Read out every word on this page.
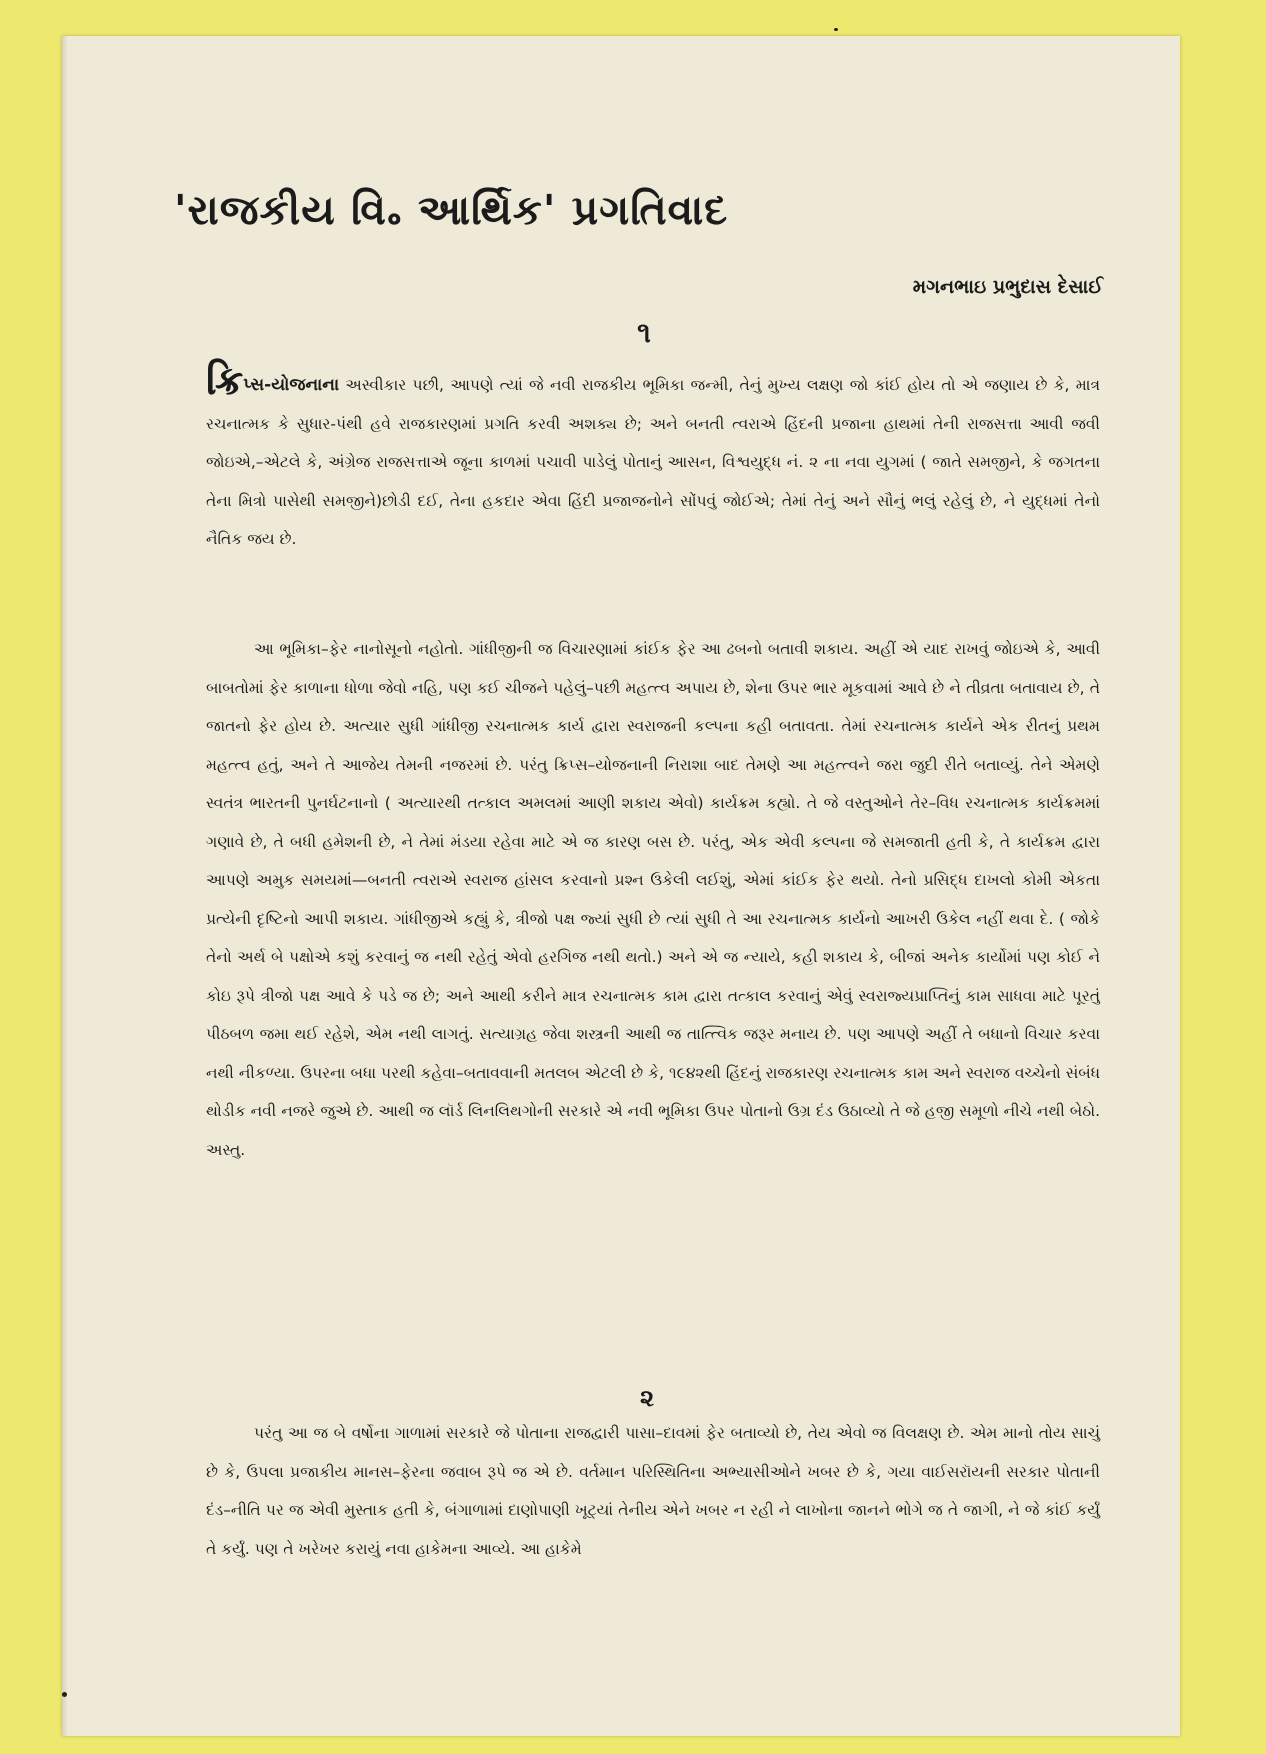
'રાજકીય વિ૰ આર્થિક' પ્રગતિવાદ
મગનભાઇ પ્રભુદાસ દેસાઈ
૧

ક્રિપ્સ-યોજનાના અસ્વીકાર પછી, આપણે ત્યાં જે નવી રાજકીય ભૂમિકા જન્મી, તેનું મુખ્ય લક્ષણ જો કાંઈ હોય તો એ જણાય છે કે, માત્ર રચનાત્મક કે સુધાર-પંથી હવે રાજકારણમાં પ્રગતિ કરવી અશક્ય છે; અને બનતી ત્વરાએ હિંદની પ્રજાના હાથમાં તેની રાજસત્તા આવી જવી જોઇએ,–એટલે કે, અંગ્રેજ રાજસત્તાએ જૂના કાળમાં પચાવી પાડેલું પોતાનું આસન, વિશ્વયુદ્ધ નં. ૨ ના નવા યુગમાં ( જાતે સમજીને, કે જગતના તેના મિત્રો પાસેથી સમજીને)છોડી દઈ, તેના હકદાર એવા હિંદી પ્રજાજનોને સોંપવું જોઈએ; તેમાં તેનું અને સૌનું ભલું રહેલું છે, ને યુદ્ધમાં તેનો નૈતિક જય છે.

આ ભૂમિકા–ફેર નાનોસૂનો નહોતો. ગાંધીજીની જ વિચારણામાં કાંઈક ફેર આ ઢબનો બતાવી શકાય. અહીં એ યાદ રાખવું જોઇએ કે, આવી બાબતોમાં ફેર કાળાના ધોળા જેવો નહિ, પણ કઈ ચીજને પહેલું–પછી મહત્ત્વ અપાય છે, શેના ઉપર ભાર મૂકવામાં આવે છે ને તીવ્રતા બતાવાય છે, તે જાતનો ફેર હોય છે. અત્યાર સુધી ગાંધીજી રચનાત્મક કાર્ય દ્વારા સ્વરાજની કલ્પના કહી બતાવતા. તેમાં રચનાત્મક કાર્યને એક રીતનું પ્રથમ મહત્ત્વ હતું, અને તે આજેય તેમની નજરમાં છે. પરંતુ ક્રિપ્સ–યોજનાની નિરાશા બાદ તેમણે આ મહત્ત્વને જરા જુદી રીતે બતાવ્યું. તેને એમણે સ્વતંત્ર ભારતની પુનર્ઘટનાનો ( અત્યારથી તત્કાલ અમલમાં આણી શકાય એવો) કાર્યક્રમ કહ્યો. તે જે વસ્તુઓને તેર–વિધ રચનાત્મક કાર્યક્રમમાં ગણાવે છે, તે બધી હમેશની છે, ને તેમાં મંડયા રહેવા માટે એ જ કારણ બસ છે. પરંતુ, એક એવી કલ્પના જે સમજાતી હતી કે, તે કાર્યક્રમ દ્વારા આપણે અમુક સમયમાં—બનતી ત્વરાએ સ્વરાજ હાંસલ કરવાનો પ્રશ્ન ઉકેલી લઈશું, એમાં કાંઈક ફેર થયો. તેનો પ્રસિદ્ધ દાખલો કોમી એકતા પ્રત્યેની દૃષ્ટિનો આપી શકાય. ગાંધીજીએ કહ્યું કે, ત્રીજો પક્ષ જ્યાં સુધી છે ત્યાં સુધી તે આ રચનાત્મક કાર્યનો આખરી ઉકેલ નહીં થવા દે. ( જોકે તેનો અર્થ બે પક્ષોએ કશું કરવાનું જ નથી રહેતું એવો હરગિજ નથી થતો.) અને એ જ ન્યાયે, કહી શકાય કે, બીજાં અનેક કાર્યોમાં પણ કોઈ ને કોઇ રૂપે ત્રીજો પક્ષ આવે કે પડે જ છે; અને આથી કરીને માત્ર રચનાત્મક કામ દ્વારા તત્કાલ કરવાનું એવું સ્વરાજ્યપ્રાપ્તિનું કામ સાધવા માટે પૂરતું પીઠબળ જમા થઈ રહેશે, એમ નથી લાગતું. સત્યાગ્રહ જેવા શસ્ત્રની આથી જ તાત્ત્વિક જરૂર મનાય છે. પણ આપણે અહીં તે બધાનો વિચાર કરવા નથી નીકળ્યા. ઉપરના બધા પરથી કહેવા–બતાવવાની મતલબ એટલી છે કે, ૧૯૪૨થી હિંદનું રાજકારણ રચનાત્મક કામ અને સ્વરાજ વચ્ચેનો સંબંધ થોડીક નવી નજરે જુએ છે. આથી જ લૉર્ડ લિનલિથગોની સરકારે એ નવી ભૂમિકા ઉપર પોતાનો ઉગ્ર દંડ ઉઠાવ્યો તે જે હજી સમૂળો નીચે નથી બેઠો. અસ્તુ.

૨

પરંતુ આ જ બે વર્ષોના ગાળામાં સરકારે જે પોતાના રાજદ્વારી પાસા–દાવમાં ફેર બતાવ્યો છે, તેય એવો જ વિલક્ષણ છે. એમ માનો તોય સાચું છે કે, ઉપલા પ્રજાકીય માનસ–ફેરના જવાબ રૂપે જ એ છે. વર્તમાન પરિસ્થિતિના અભ્યાસીઓને ખબર છે કે, ગયા વાઈસરૉયની સરકાર પોતાની દંડ–નીતિ પર જ એવી મુસ્તાક હતી કે, બંગાળામાં દાણોપાણી ખૂટ્યાં તેનીય એને ખબર ન રહી ને લાખોના જાનને ભોગે જ તે જાગી, ને જે કાંઈ કર્યું તે કર્યું. પણ તે ખરેખર કરાયું નવા હાકેમના આવ્યે. આ હાકેમે
